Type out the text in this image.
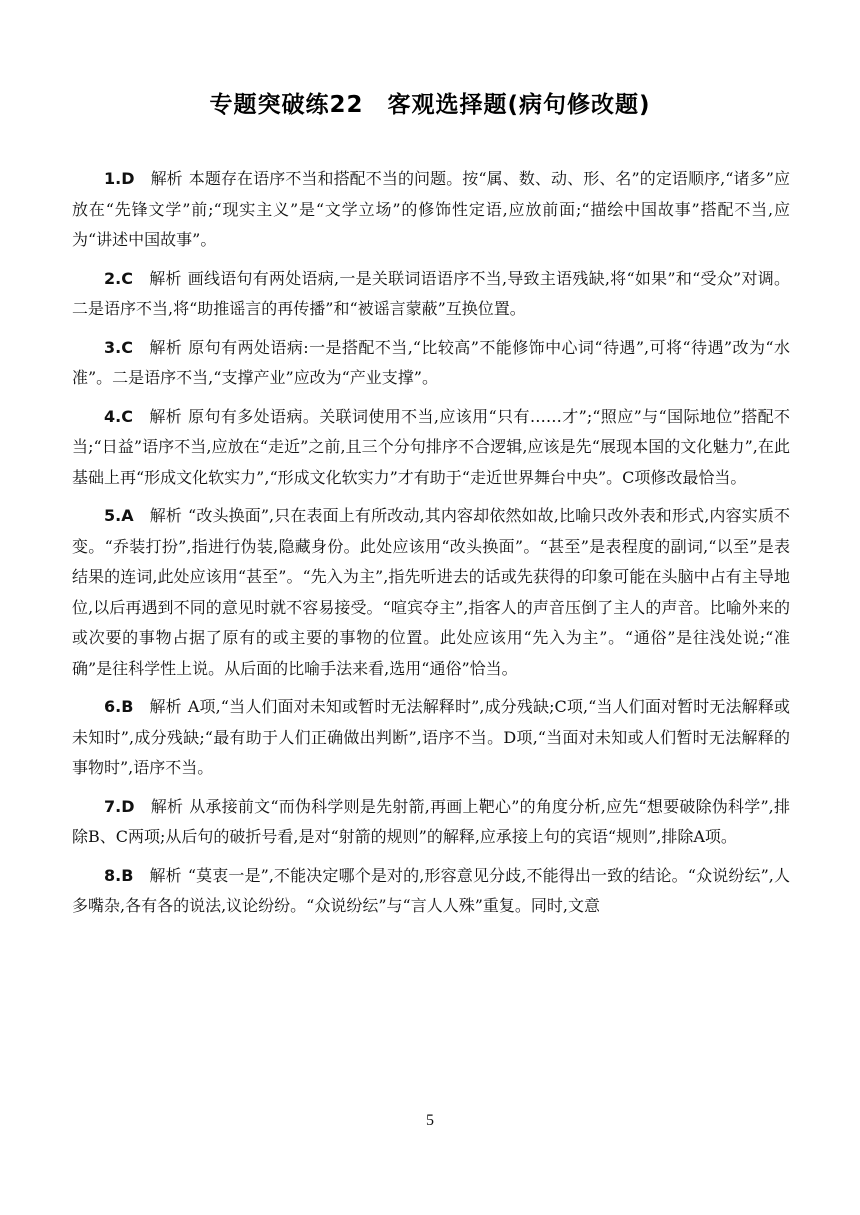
专题突破练22　客观选择题(病句修改题)

1.D 解析 本题存在语序不当和搭配不当的问题。按“属、数、动、形、名”的定语顺序,“诸多”应放在“先锋文学”前;“现实主义”是“文学立场”的修饰性定语,应放前面;“描绘中国故事”搭配不当,应为“讲述中国故事”。

2.C 解析 画线语句有两处语病,一是关联词语语序不当,导致主语残缺,将“如果”和“受众”对调。二是语序不当,将“助推谣言的再传播”和“被谣言蒙蔽”互换位置。

3.C 解析 原句有两处语病:一是搭配不当,“比较高”不能修饰中心词“待遇”,可将“待遇”改为“水准”。二是语序不当,“支撑产业”应改为“产业支撑”。

4.C 解析 原句有多处语病。关联词使用不当,应该用“只有……才”;“照应”与“国际地位”搭配不当;“日益”语序不当,应放在“走近”之前,且三个分句排序不合逻辑,应该是先“展现本国的文化魅力”,在此基础上再“形成文化软实力”,“形成文化软实力”才有助于“走近世界舞台中央”。C项修改最恰当。

5.A 解析 “改头换面”,只在表面上有所改动,其内容却依然如故,比喻只改外表和形式,内容实质不变。“乔装打扮”,指进行伪装,隐藏身份。此处应该用“改头换面”。“甚至”是表程度的副词,“以至”是表结果的连词,此处应该用“甚至”。“先入为主”,指先听进去的话或先获得的印象可能在头脑中占有主导地位,以后再遇到不同的意见时就不容易接受。“喧宾夺主”,指客人的声音压倒了主人的声音。比喻外来的或次要的事物占据了原有的或主要的事物的位置。此处应该用“先入为主”。“通俗”是往浅处说;“准确”是往科学性上说。从后面的比喻手法来看,选用“通俗”恰当。

6.B 解析 A项,“当人们面对未知或暂时无法解释时”,成分残缺;C项,“当人们面对暂时无法解释或未知时”,成分残缺;“最有助于人们正确做出判断”,语序不当。D项,“当面对未知或人们暂时无法解释的事物时”,语序不当。

7.D 解析 从承接前文“而伪科学则是先射箭,再画上靶心”的角度分析,应先“想要破除伪科学”,排除B、C两项;从后句的破折号看,是对“射箭的规则”的解释,应承接上句的宾语“规则”,排除A项。

8.B 解析 “莫衷一是”,不能决定哪个是对的,形容意见分歧,不能得出一致的结论。“众说纷纭”,人多嘴杂,各有各的说法,议论纷纷。“众说纷纭”与“言人人殊”重复。同时,文意

5
